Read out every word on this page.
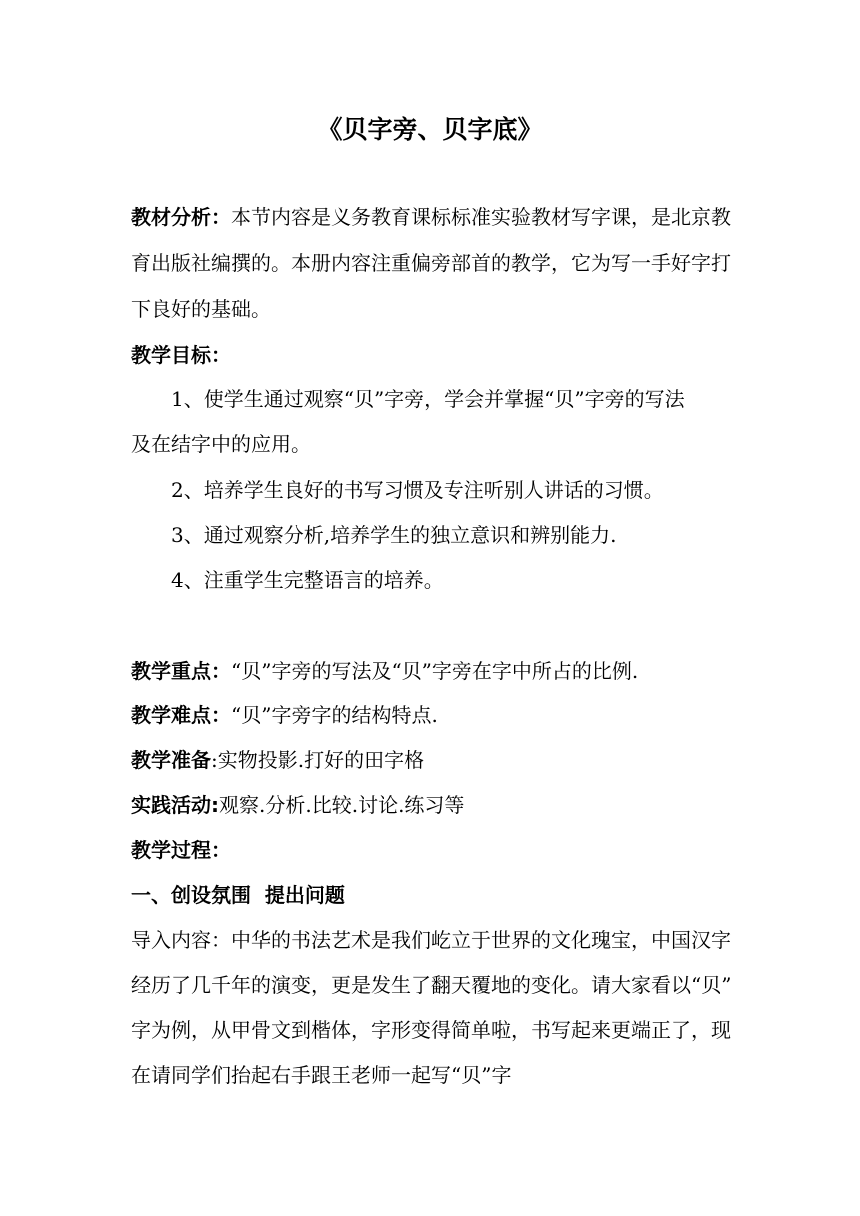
《贝字旁、贝字底》
教材分析：本节内容是义务教育课标标准实验教材写字课，是北京教
育出版社编撰的。本册内容注重偏旁部首的教学，它为写一手好字打
下良好的基础。
教学目标：
1、使学生通过观察“贝”字旁，学会并掌握“贝”字旁的写法
及在结字中的应用。
2、培养学生良好的书写习惯及专注听别人讲话的习惯。
3、通过观察分析,培养学生的独立意识和辨别能力.
4、注重学生完整语言的培养。
教学重点：“贝”字旁的写法及“贝”字旁在字中所占的比例.
教学难点：“贝”字旁字的结构特点.
教学准备:实物投影.打好的田字格
实践活动:观察.分析.比较.讨论.练习等
教学过程：
一、创设氛围  提出问题
导入内容：中华的书法艺术是我们屹立于世界的文化瑰宝，中国汉字
经历了几千年的演变，更是发生了翻天覆地的变化。请大家看以“贝”
字为例，从甲骨文到楷体，字形变得简单啦，书写起来更端正了，现
在请同学们抬起右手跟王老师一起写“贝”字
